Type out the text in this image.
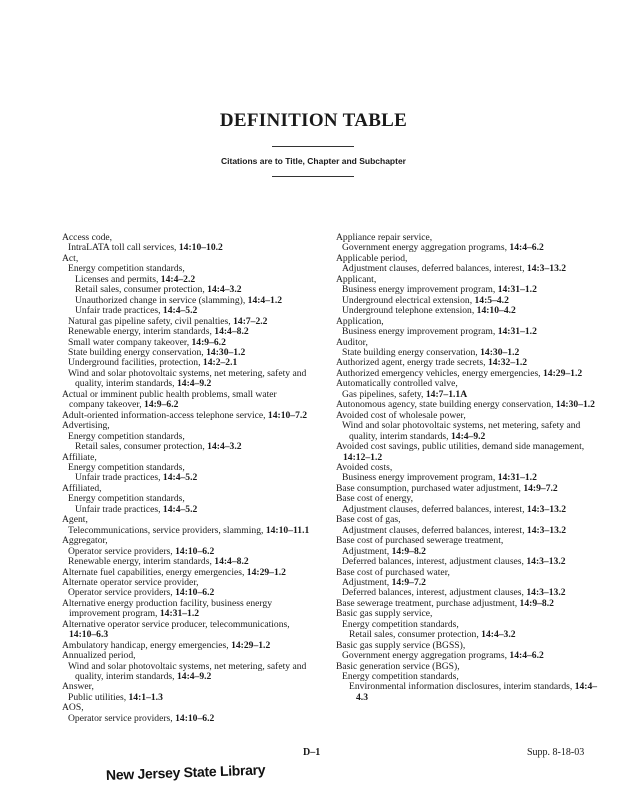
DEFINITION TABLE
Citations are to Title, Chapter and Subchapter
Access code,
IntraLATA toll call services, 14:10–10.2
Act,
Energy competition standards,
Licenses and permits, 14:4–2.2
Retail sales, consumer protection, 14:4–3.2
Unauthorized change in service (slamming), 14:4–1.2
Unfair trade practices, 14:4–5.2
Natural gas pipeline safety, civil penalties, 14:7–2.2
Renewable energy, interim standards, 14:4–8.2
Small water company takeover, 14:9–6.2
State building energy conservation, 14:30–1.2
Underground facilities, protection, 14:2–2.1
Wind and solar photovoltaic systems, net metering, safety and quality, interim standards, 14:4–9.2
Actual or imminent public health problems, small water company takeover, 14:9–6.2
Adult-oriented information-access telephone service, 14:10–7.2
Advertising,
Energy competition standards,
Retail sales, consumer protection, 14:4–3.2
Affiliate,
Energy competition standards,
Unfair trade practices, 14:4–5.2
Affiliated,
Energy competition standards,
Unfair trade practices, 14:4–5.2
Agent,
Telecommunications, service providers, slamming, 14:10–11.1
Aggregator,
Operator service providers, 14:10–6.2
Renewable energy, interim standards, 14:4–8.2
Alternate fuel capabilities, energy emergencies, 14:29–1.2
Alternate operator service provider,
Operator service providers, 14:10–6.2
Alternative energy production facility, business energy improvement program, 14:31–1.2
Alternative operator service producer, telecommunications, 14:10–6.3
Ambulatory handicap, energy emergencies, 14:29–1.2
Annualized period,
Wind and solar photovoltaic systems, net metering, safety and quality, interim standards, 14:4–9.2
Answer,
Public utilities, 14:1–1.3
AOS,
Operator service providers, 14:10–6.2
Appliance repair service,
Government energy aggregation programs, 14:4–6.2
Applicable period,
Adjustment clauses, deferred balances, interest, 14:3–13.2
Applicant,
Business energy improvement program, 14:31–1.2
Underground electrical extension, 14:5–4.2
Underground telephone extension, 14:10–4.2
Application,
Business energy improvement program, 14:31–1.2
Auditor,
State building energy conservation, 14:30–1.2
Authorized agent, energy trade secrets, 14:32–1.2
Authorized emergency vehicles, energy emergencies, 14:29–1.2
Automatically controlled valve,
Gas pipelines, safety, 14:7–1.1A
Autonomous agency, state building energy conservation, 14:30–1.2
Avoided cost of wholesale power,
Wind and solar photovoltaic systems, net metering, safety and quality, interim standards, 14:4–9.2
Avoided cost savings, public utilities, demand side management, 14:12–1.2
Avoided costs,
Business energy improvement program, 14:31–1.2
Base consumption, purchased water adjustment, 14:9–7.2
Base cost of energy,
Adjustment clauses, deferred balances, interest, 14:3–13.2
Base cost of gas,
Adjustment clauses, deferred balances, interest, 14:3–13.2
Base cost of purchased sewerage treatment,
Adjustment, 14:9–8.2
Deferred balances, interest, adjustment clauses, 14:3–13.2
Base cost of purchased water,
Adjustment, 14:9–7.2
Deferred balances, interest, adjustment clauses, 14:3–13.2
Base sewerage treatment, purchase adjustment, 14:9–8.2
Basic gas supply service,
Energy competition standards,
Retail sales, consumer protection, 14:4–3.2
Basic gas supply service (BGSS),
Government energy aggregation programs, 14:4–6.2
Basic generation service (BGS),
Energy competition standards,
Environmental information disclosures, interim standards, 14:4–4.3
D–1	Supp. 8-18-03
New Jersey State Library
